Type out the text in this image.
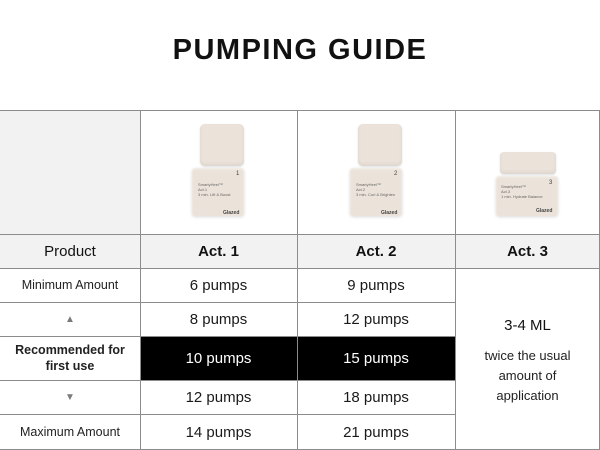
PUMPING GUIDE
Product	Act. 1	Act. 2	Act. 3
SmartyHeel™
Act.1
3 min. Lift & Boost
1
Glazed
SmartyHeel™
Act.2
3 min. Curl & Brighten
2
Glazed
SmartyHeel™
Act.3
1 min. Hydrate Balance
3
Glazed
Minimum Amount	6 pumps	9 pumps
▲	8 pumps	12 pumps
Recommended for first use	10 pumps	15 pumps
▼	12 pumps	18 pumps
Maximum Amount	14 pumps	21 pumps
3-4 ML
twice the usual amount of application
